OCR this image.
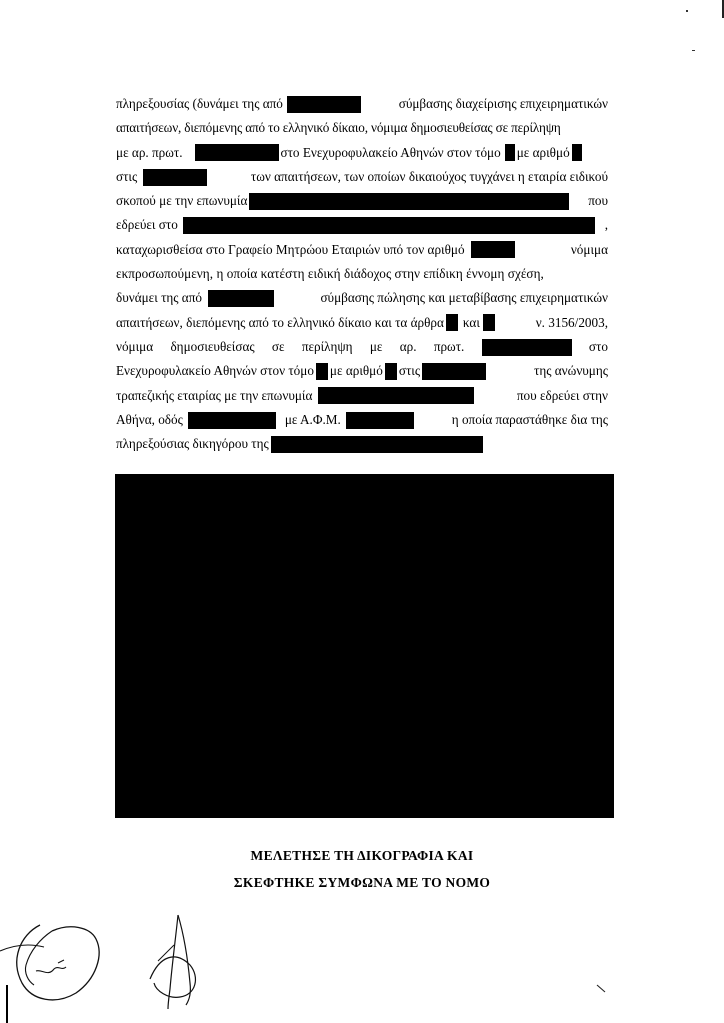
πληρεξουσίας (δυνάμει της από	σύμβασης διαχείρισης επιχειρηματικών
απαιτήσεων, διεπόμενης από το ελληνικό δίκαιο, νόμιμα δημοσιευθείσας σε περίληψη
με αρ. πρωτ.	στο Ενεχυροφυλακείο Αθηνών στον τόμο με αριθμό
στις	των απαιτήσεων, των οποίων δικαιούχος τυγχάνει η εταιρία ειδικού
σκοπού με την επωνυμία	που
εδρεύει στο	,
καταχωρισθείσα στο Γραφείο Μητρώου Εταιριών υπό τον αριθμό	νόμιμα
εκπροσωπούμενη, η οποία κατέστη ειδική διάδοχος στην επίδικη έννομη σχέση,
δυνάμει της από	σύμβασης πώλησης και μεταβίβασης επιχειρηματικών
απαιτήσεων, διεπόμενης από το ελληνικό δίκαιο και τα άρθρα και	ν. 3156/2003,
νόμιμα δημοσιευθείσας σε περίληψη με αρ. πρωτ.	στο
Ενεχυροφυλακείο Αθηνών στον τόμο με αριθμό στις	της ανώνυμης
τραπεζικής εταιρίας με την επωνυμία	που εδρεύει στην
Αθήνα, οδός	με Α.Φ.Μ.	η οποία παραστάθηκε δια της
πληρεξούσιας δικηγόρου της
ΜΕΛΕΤΗΣΕ ΤΗ ΔΙΚΟΓΡΑΦΙΑ ΚΑΙ
ΣΚΕΦΤΗΚΕ ΣΥΜΦΩΝΑ ΜΕ ΤΟ ΝΟΜΟ
